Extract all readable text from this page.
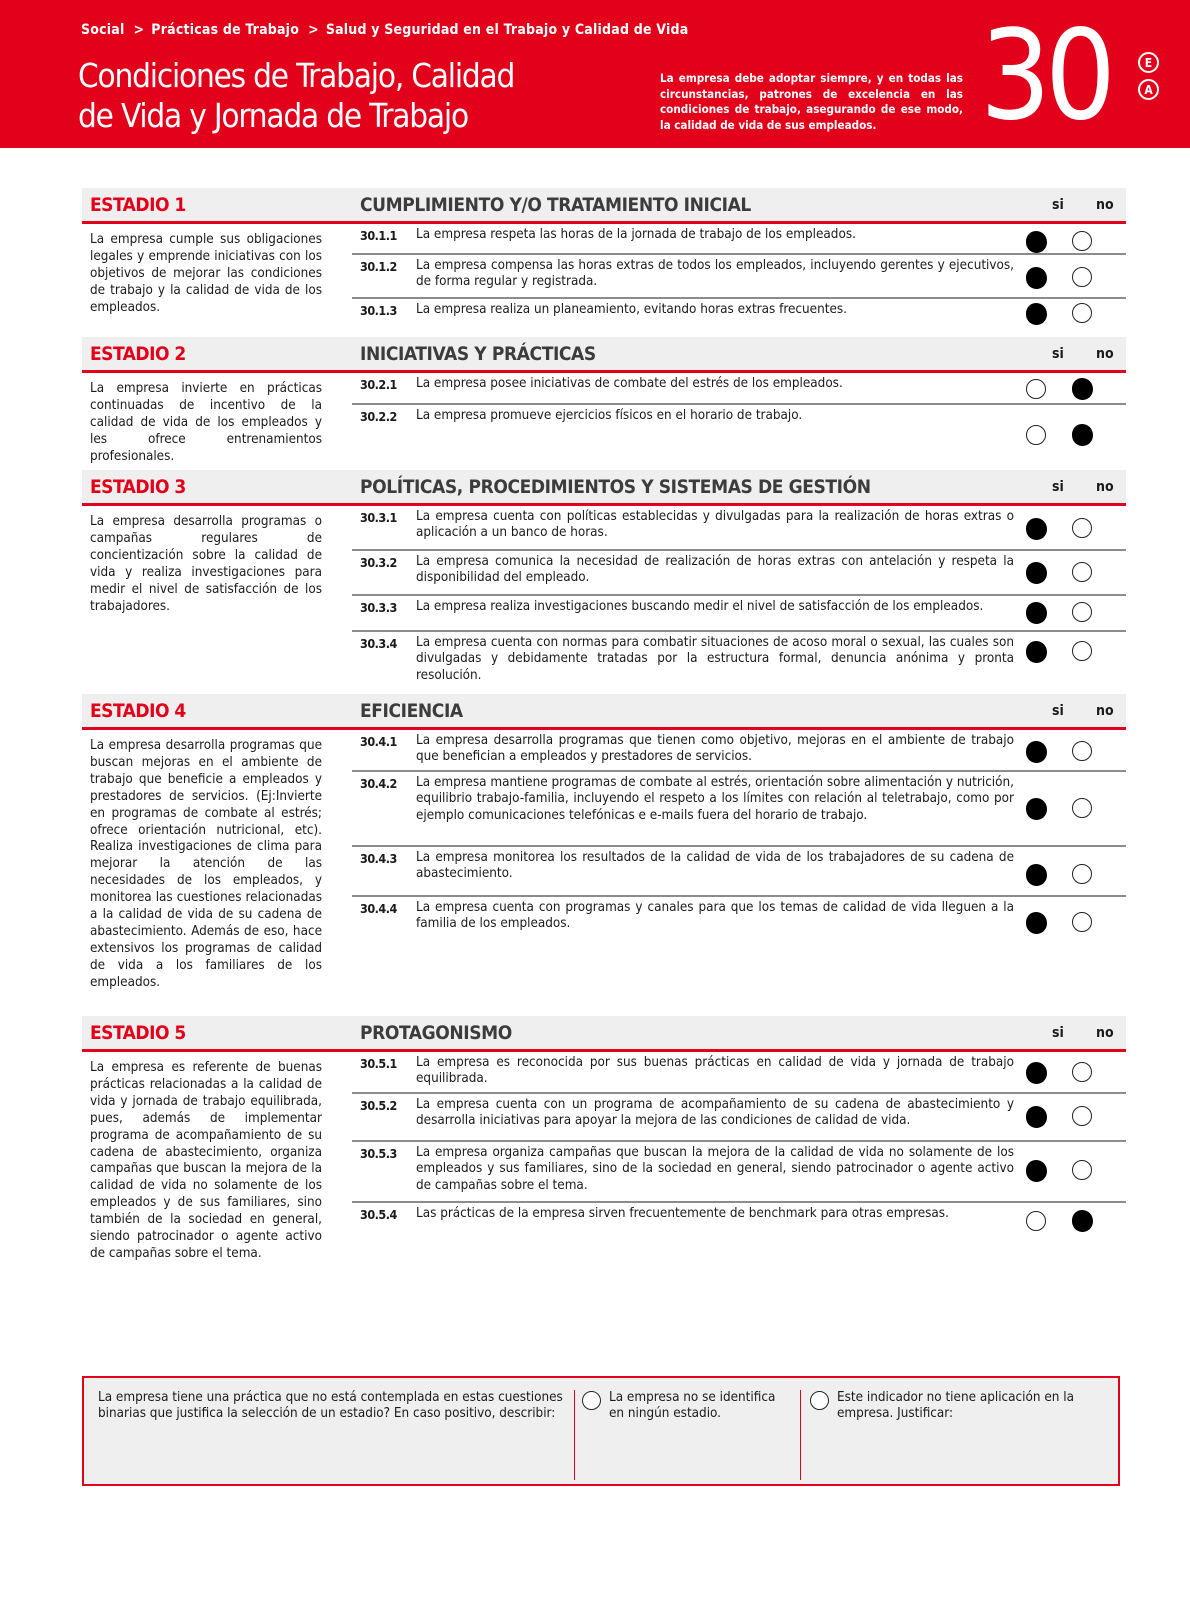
Social > Prácticas de Trabajo > Salud y Seguridad en el Trabajo y Calidad de Vida
Condiciones de Trabajo, Calidad
de Vida y Jornada de Trabajo
La empresa debe adoptar siempre, y en todas las circunstancias, patrones de excelencia en las condiciones de trabajo, asegurando de ese modo, la calidad de vida de sus empleados. 30	E
A
ESTADIO 1	CUMPLIMIENTO Y/O TRATAMIENTO INICIAL	si no
La empresa cumple sus obligaciones legales y emprende iniciativas con los objetivos de mejorar las condiciones de trabajo y la calidad de vida de los empleados.
30.1.1 La empresa respeta las horas de la jornada de trabajo de los empleados.
30.1.2 La empresa compensa las horas extras de todos los empleados, incluyendo gerentes y ejecutivos, de forma regular y registrada.
30.1.3 La empresa realiza un planeamiento, evitando horas extras frecuentes.
ESTADIO 2	INICIATIVAS Y PRÁCTICAS	si no
La empresa invierte en prácticas continuadas de incentivo de la calidad de vida de los empleados y les ofrece entrenamientos profesionales.
30.2.1 La empresa posee iniciativas de combate del estrés de los empleados.
30.2.2 La empresa promueve ejercicios físicos en el horario de trabajo.
ESTADIO 3	POLÍTICAS, PROCEDIMIENTOS Y SISTEMAS DE GESTIÓN	si no
La empresa desarrolla programas o campañas regulares de concientización sobre la calidad de vida y realiza investigaciones para medir el nivel de satisfacción de los trabajadores.
30.3.1 La empresa cuenta con políticas establecidas y divulgadas para la realización de horas extras o aplicación a un banco de horas.
30.3.2 La empresa comunica la necesidad de realización de horas extras con antelación y respeta la disponibilidad del empleado.
30.3.3 La empresa realiza investigaciones buscando medir el nivel de satisfacción de los empleados.
30.3.4 La empresa cuenta con normas para combatir situaciones de acoso moral o sexual, las cuales son divulgadas y debidamente tratadas por la estructura formal, denuncia anónima y pronta resolución.
ESTADIO 4	EFICIENCIA	si no
La empresa desarrolla programas que buscan mejoras en el ambiente de trabajo que beneficie a empleados y prestadores de servicios. (Ej:Invierte en programas de combate al estrés; ofrece orientación nutricional, etc). Realiza investigaciones de clima para mejorar la atención de las necesidades de los empleados, y monitorea las cuestiones relacionadas a la calidad de vida de su cadena de abastecimiento. Además de eso, hace extensivos los programas de calidad de vida a los familiares de los empleados.
30.4.1 La empresa desarrolla programas que tienen como objetivo, mejoras en el ambiente de trabajo que benefician a empleados y prestadores de servicios.
30.4.2 La empresa mantiene programas de combate al estrés, orientación sobre alimentación y nutrición, equilibrio trabajo-familia, incluyendo el respeto a los límites con relación al teletrabajo, como por ejemplo comunicaciones telefónicas e e-mails fuera del horario de trabajo.
30.4.3 La empresa monitorea los resultados de la calidad de vida de los trabajadores de su cadena de abastecimiento.
30.4.4 La empresa cuenta con programas y canales para que los temas de calidad de vida lleguen a la familia de los empleados.
ESTADIO 5	PROTAGONISMO	si no
La empresa es referente de buenas prácticas relacionadas a la calidad de vida y jornada de trabajo equilibrada, pues, además de implementar programa de acompañamiento de su cadena de abastecimiento, organiza campañas que buscan la mejora de la calidad de vida no solamente de los empleados y de sus familiares, sino también de la sociedad en general, siendo patrocinador o agente activo de campañas sobre el tema.
30.5.1 La empresa es reconocida por sus buenas prácticas en calidad de vida y jornada de trabajo equilibrada.
30.5.2 La empresa cuenta con un programa de acompañamiento de su cadena de abastecimiento y desarrolla iniciativas para apoyar la mejora de las condiciones de calidad de vida.
30.5.3 La empresa organiza campañas que buscan la mejora de la calidad de vida no solamente de los empleados y sus familiares, sino de la sociedad en general, siendo patrocinador o agente activo de campañas sobre el tema.
30.5.4 Las prácticas de la empresa sirven frecuentemente de benchmark para otras empresas.
La empresa tiene una práctica que no está contemplada en estas cuestiones binarias que justifica la selección de un estadio? En caso positivo, describir:
La empresa no se identifica en ningún estadio.
Este indicador no tiene aplicación en la empresa. Justificar:
